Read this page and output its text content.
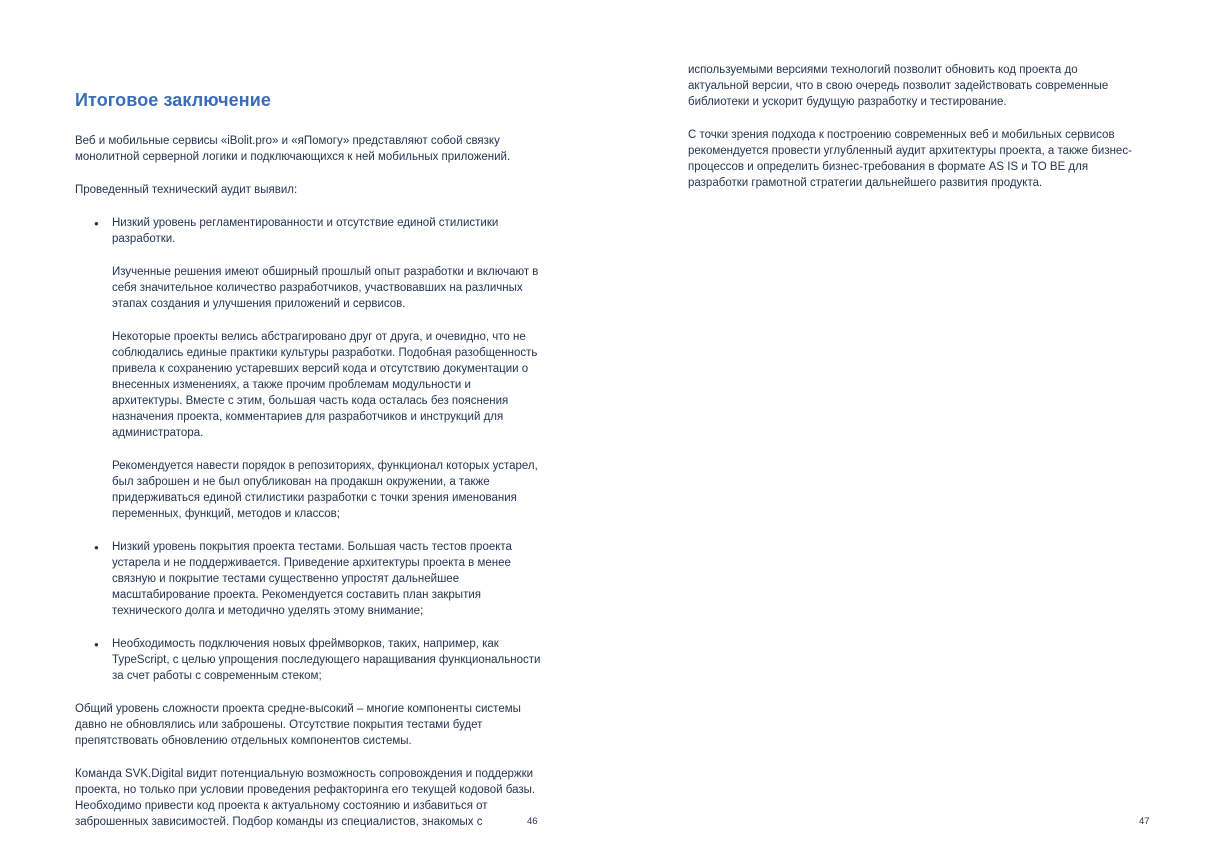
Итоговое заключение

Веб и мобильные сервисы «iBolit.pro» и «яПомогу» представляют собой связку монолитной серверной логики и подключающихся к ней мобильных приложений.

Проведенный технический аудит выявил:

● Низкий уровень регламентированности и отсутствие единой стилистики разработки.

Изученные решения имеют обширный прошлый опыт разработки и включают в себя значительное количество разработчиков, участвовавших на различных этапах создания и улучшения приложений и сервисов.

Некоторые проекты велись абстрагировано друг от друга, и очевидно, что не соблюдались единые практики культуры разработки. Подобная разобщенность привела к сохранению устаревших версий кода и отсутствию документации о внесенных изменениях, а также прочим проблемам модульности и архитектуры. Вместе с этим, большая часть кода осталась без пояснения назначения проекта, комментариев для разработчиков и инструкций для администратора.

Рекомендуется навести порядок в репозиториях, функционал которых устарел, был заброшен и не был опубликован на продакшн окружении, а также придерживаться единой стилистики разработки с точки зрения именования переменных, функций, методов и классов;

● Низкий уровень покрытия проекта тестами. Большая часть тестов проекта устарела и не поддерживается. Приведение архитектуры проекта в менее связную и покрытие тестами существенно упростят дальнейшее масштабирование проекта. Рекомендуется составить план закрытия технического долга и методично уделять этому внимание;

● Необходимость подключения новых фреймворков, таких, например, как TypeScript, с целью упрощения последующего наращивания функциональности за счет работы с современным стеком;

Общий уровень сложности проекта средне-высокий – многие компоненты системы давно не обновлялись или заброшены. Отсутствие покрытия тестами будет препятствовать обновлению отдельных компонентов системы.

Команда SVK.Digital видит потенциальную возможность сопровождения и поддержки проекта, но только при условии проведения рефакторинга его текущей кодовой базы. Необходимо привести код проекта к актуальному состоянию и избавиться от заброшенных зависимостей. Подбор команды из специалистов, знакомых с

используемыми версиями технологий позволит обновить код проекта до актуальной версии, что в свою очередь позволит задействовать современные библиотеки и ускорит будущую разработку и тестирование.

С точки зрения подхода к построению современных веб и мобильных сервисов рекомендуется провести углубленный аудит архитектуры проекта, а также бизнес-процессов и определить бизнес-требования в формате AS IS и TO BE для разработки грамотной стратегии дальнейшего развития продукта.

46	47
